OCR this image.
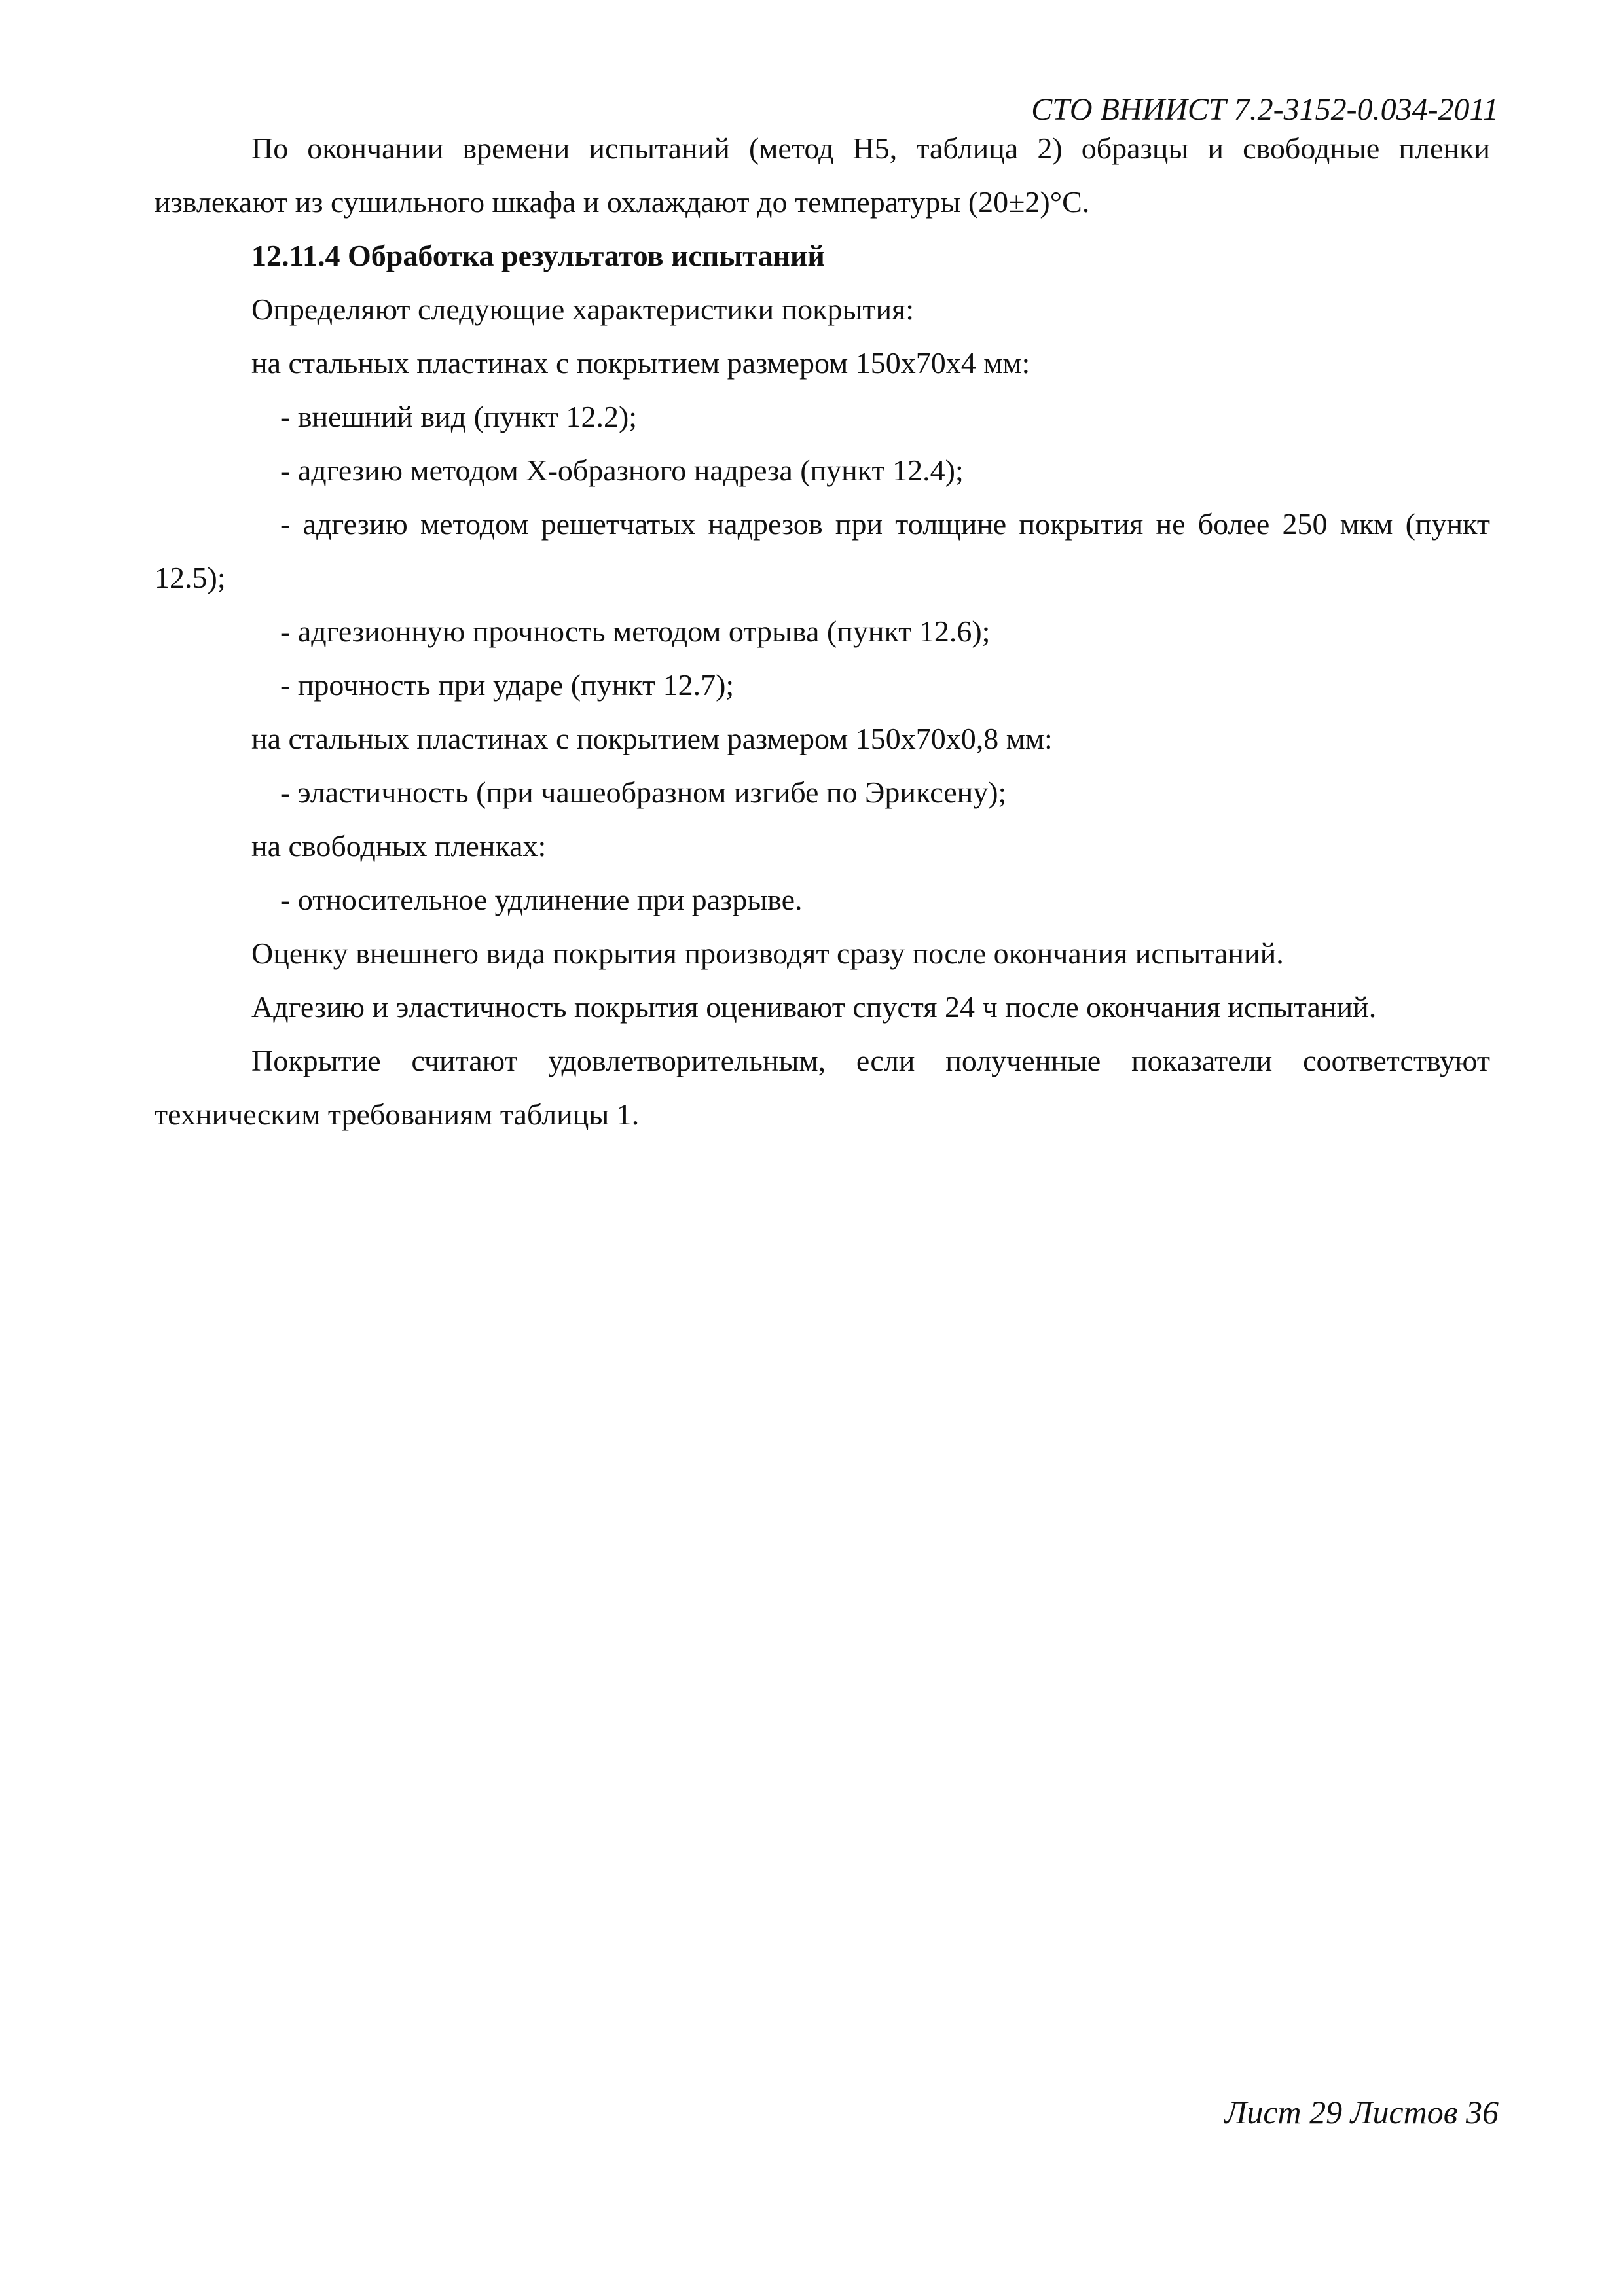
СТО ВНИИСТ 7.2-3152-0.034-2011

По окончании времени испытаний (метод Н5, таблица 2) образцы и свободные пленки извлекают из сушильного шкафа и охлаждают до температуры (20±2)°С.

12.11.4 Обработка результатов испытаний

Определяют следующие характеристики покрытия:

на стальных пластинах с покрытием размером 150x70x4 мм:

- внешний вид (пункт 12.2);

- адгезию методом Х-образного надреза (пункт 12.4);

- адгезию методом решетчатых надрезов при толщине покрытия не более 250 мкм (пункт 12.5);

- адгезионную прочность методом отрыва (пункт 12.6);

- прочность при ударе (пункт 12.7);

на стальных пластинах с покрытием размером 150x70x0,8 мм:

- эластичность (при чашеобразном изгибе по Эриксену);

на свободных пленках:

- относительное удлинение при разрыве.

Оценку внешнего вида покрытия производят сразу после окончания испытаний.

Адгезию и эластичность покрытия оценивают спустя 24 ч после окончания испытаний.

Покрытие считают удовлетворительным, если полученные показатели соответствуют техническим требованиям таблицы 1.

Лист 29 Листов 36
